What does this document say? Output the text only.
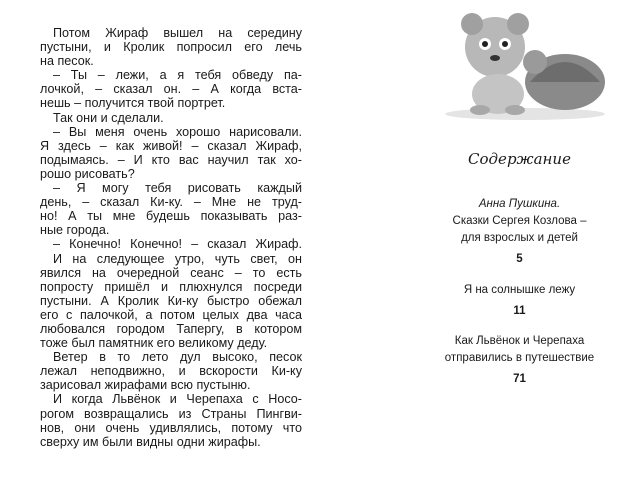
Потом Жираф вышел на середину
пустыни, и Кролик попросил его лечь
на песок.
– Ты – лежи, а я тебя обведу па-
лочкой, – сказал он. – А когда вста-
нешь – получится твой портрет.
Так они и сделали.
– Вы меня очень хорошо нарисовали.
Я здесь – как живой! – сказал Жираф,
подымаясь. – И кто вас научил так хо-
рошо рисовать?
– Я могу тебя рисовать каждый
день, – сказал Ки-ку. – Мне не труд-
но! А ты мне будешь показывать раз-
ные города.
– Конечно! Конечно! – сказал Жираф.
И на следующее утро, чуть свет, он
явился на очередной сеанс – то есть
попросту пришёл и плюхнулся посреди
пустыни. А Кролик Ки-ку быстро обежал
его с палочкой, а потом целых два часа
любовался городом Тапергу, в котором
тоже был памятник его великому деду.
Ветер в то лето дул высоко, песок
лежал неподвижно, и вскорости Ки-ку
зарисовал жирафами всю пустыню.
И когда Львёнок и Черепаха с Носо-
рогом возвращались из Страны Пингви-
нов, они очень удивлялись, потому что
сверху им были видны одни жирафы.
Содержание
Анна Пушкина.
Сказки Сергея Козлова –
для взрослых и детей
5
Я на солнышке лежу
11
Как Львёнок и Черепаха
отправились в путешествие
71
